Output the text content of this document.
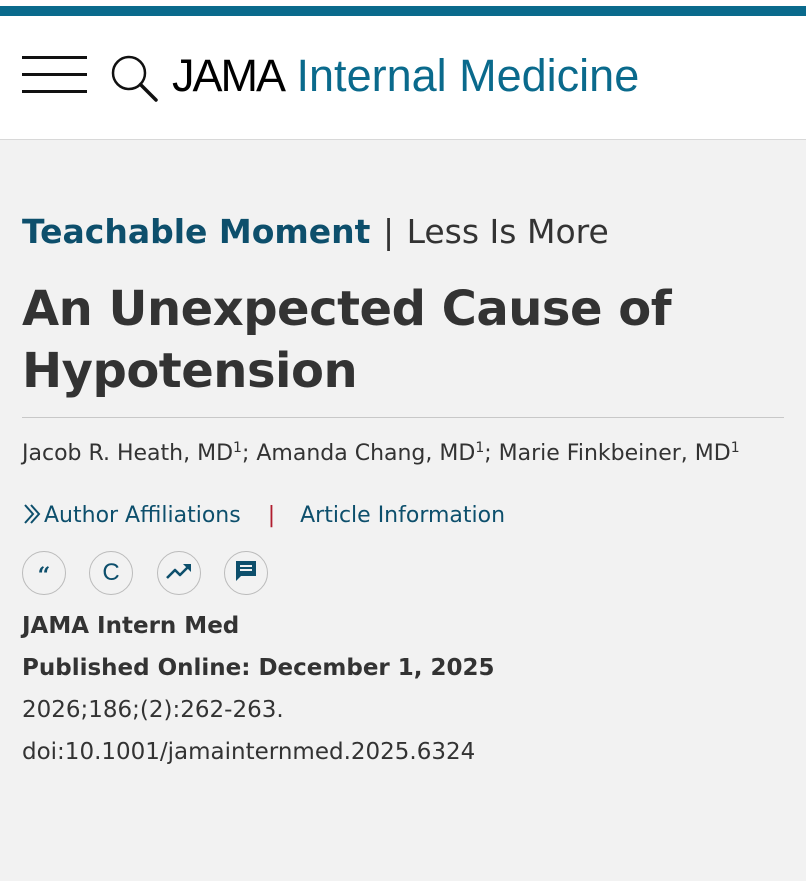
JAMA Internal Medicine
Teachable Moment | Less Is More
An Unexpected Cause of Hypotension
Jacob R. Heath, $MD^1$; Amanda Chang, $MD^1$; Marie Finkbeiner, $MD^1$
Author Affiliations | Article Information
“ C
JAMA Intern Med
Published Online: December 1, 2025
2026;186;(2):262-263.
doi:10.1001/jamainternmed.2025.6324
